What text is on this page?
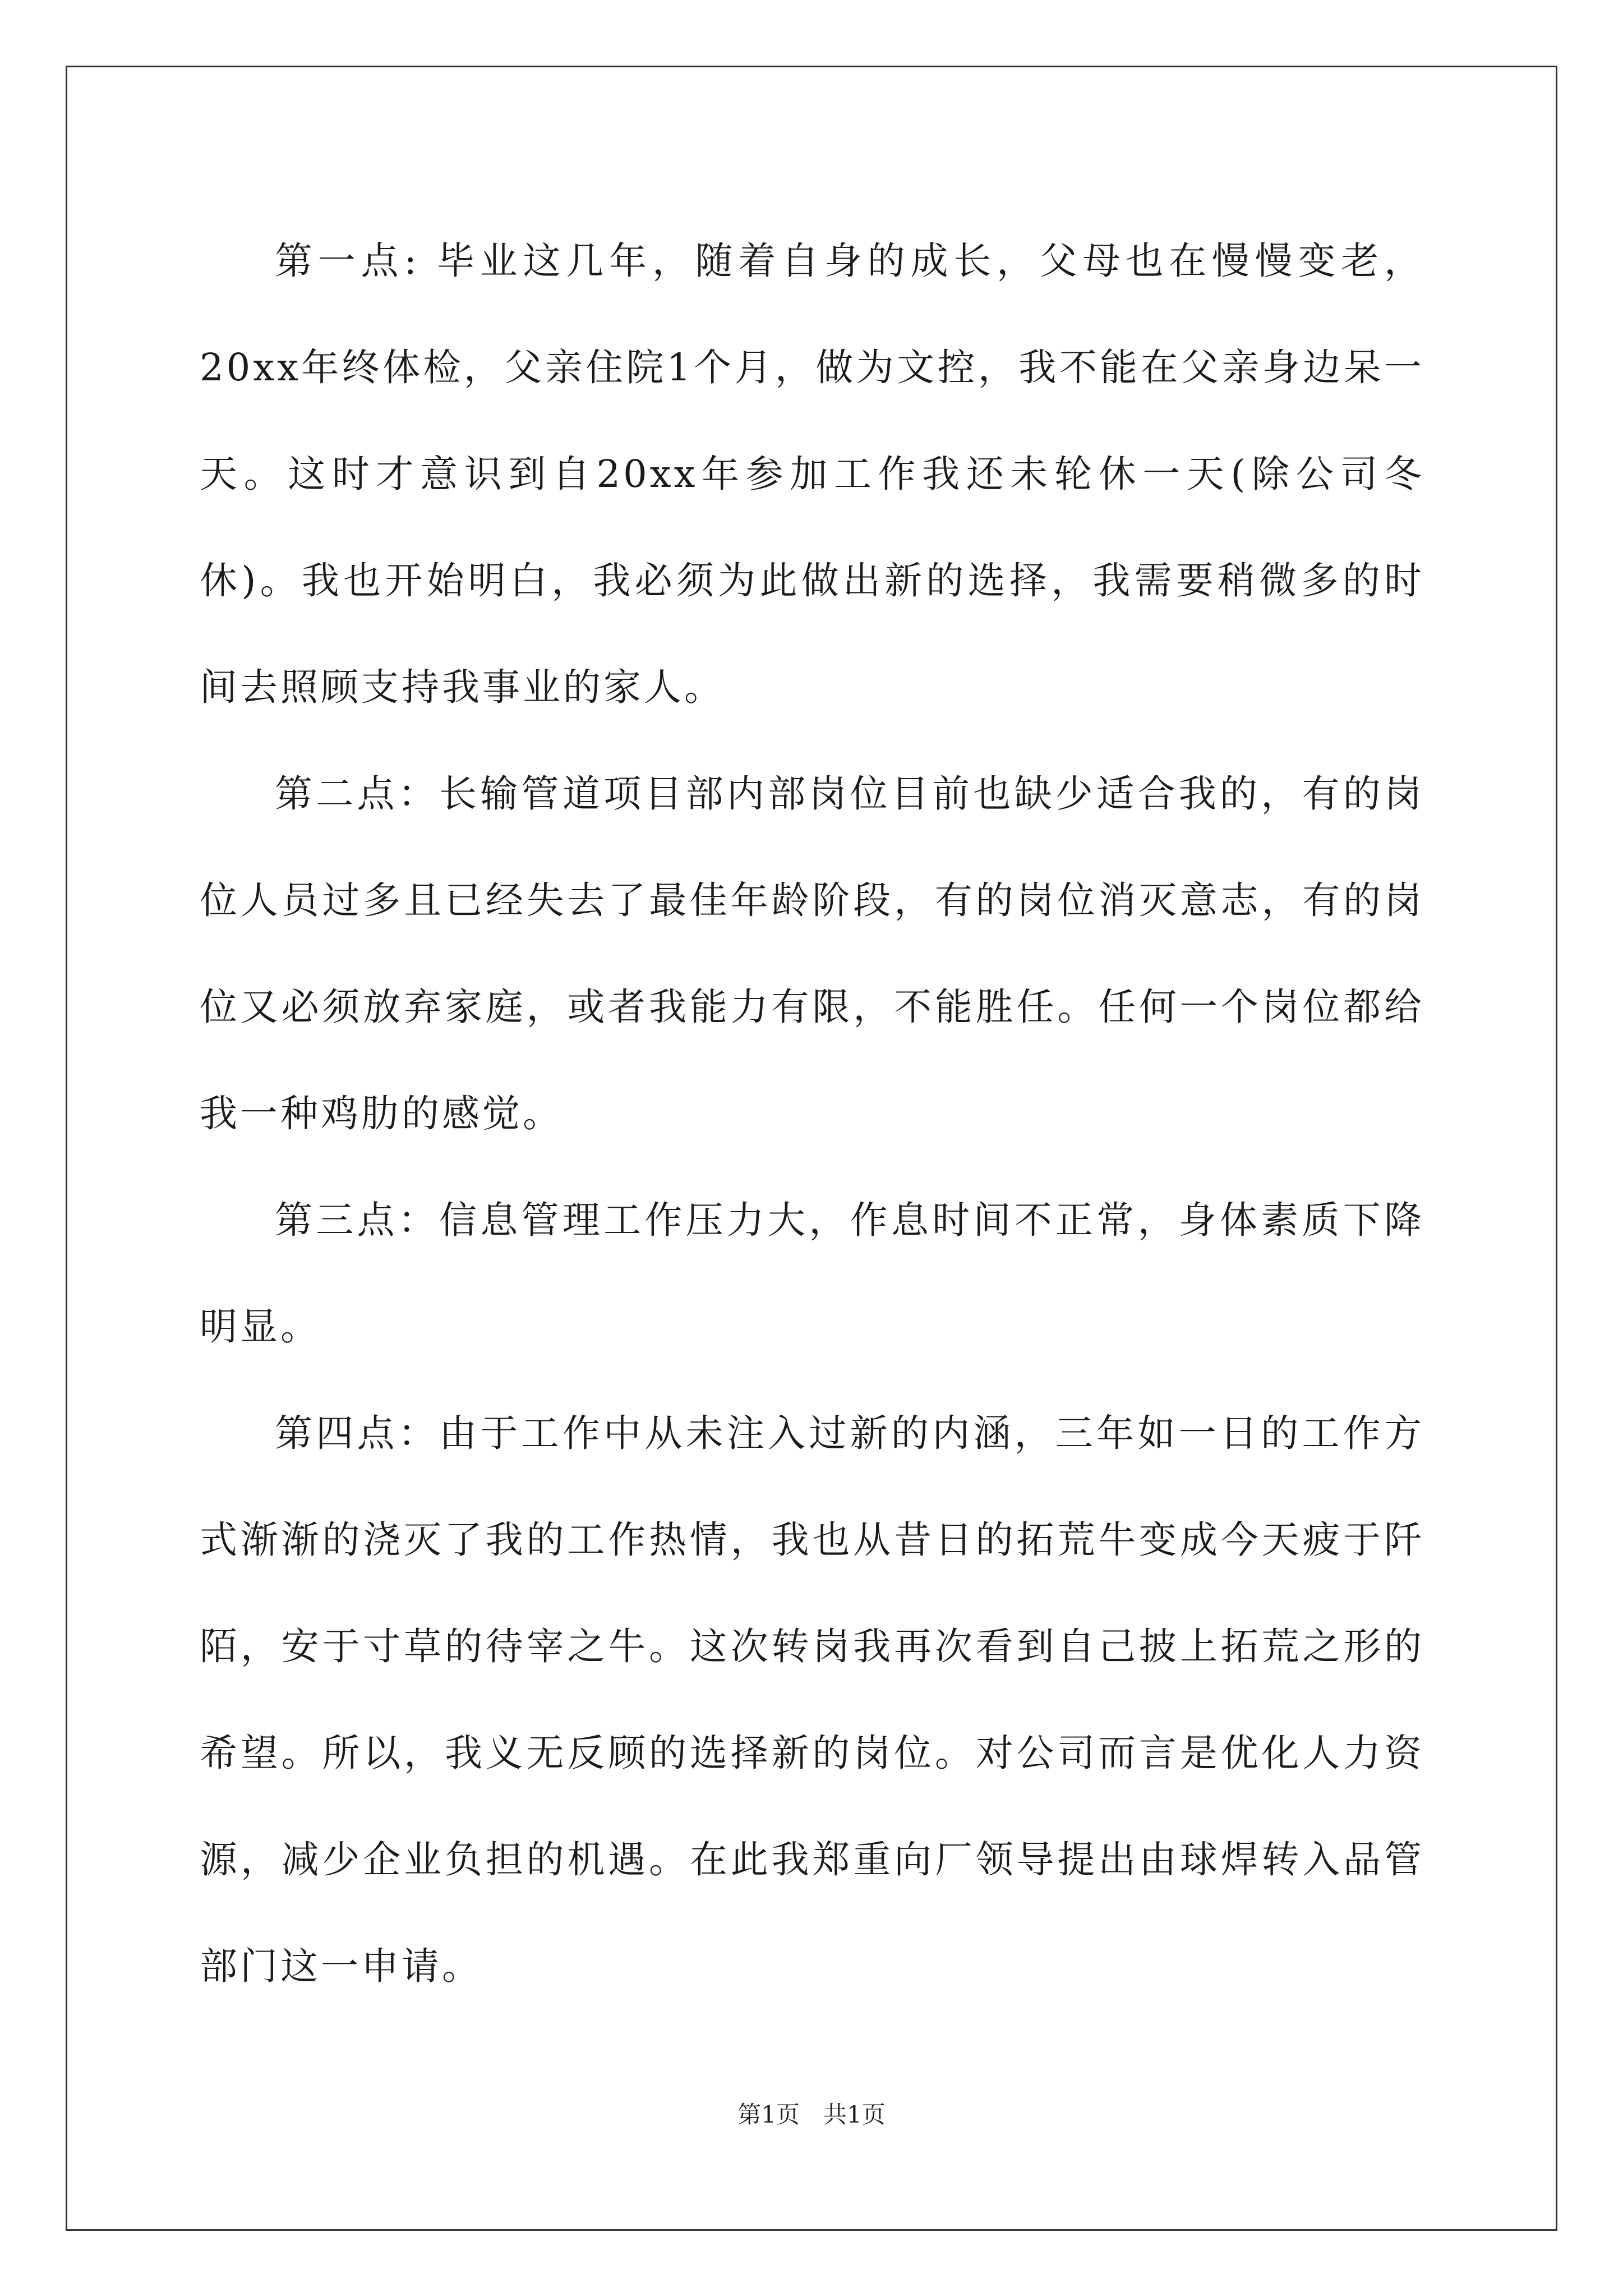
第一点: 毕业这几年，随着自身的成长，父母也在慢慢变老，20xx年终体检，父亲住院1个月，做为文控，我不能在父亲身边呆一天。这时才意识到自20xx年参加工作我还未轮休一天(除公司冬休)。我也开始明白，我必须为此做出新的选择，我需要稍微多的时间去照顾支持我事业的家人。

第二点：长输管道项目部内部岗位目前也缺少适合我的，有的岗位人员过多且已经失去了最佳年龄阶段，有的岗位消灭意志，有的岗位又必须放弃家庭，或者我能力有限，不能胜任。任何一个岗位都给我一种鸡肋的感觉。

第三点：信息管理工作压力大，作息时间不正常，身体素质下降明显。

第四点：由于工作中从未注入过新的内涵，三年如一日的工作方式渐渐的浇灭了我的工作热情，我也从昔日的拓荒牛变成今天疲于阡陌，安于寸草的待宰之牛。这次转岗我再次看到自己披上拓荒之形的希望。所以，我义无反顾的选择新的岗位。对公司而言是优化人力资源，减少企业负担的机遇。在此我郑重向厂领导提出由球焊转入品管部门这一申请。

第1页 共1页
